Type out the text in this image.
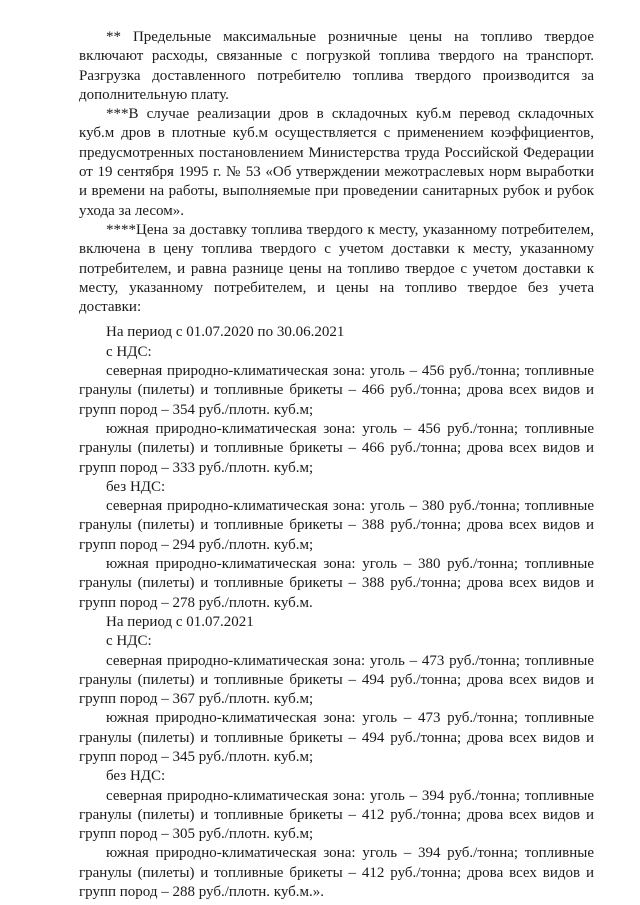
** Предельные максимальные розничные цены на топливо твердое включают расходы, связанные с погрузкой топлива твердого на транспорт. Разгрузка доставленного потребителю топлива твердого производится за дополнительную плату.

***В случае реализации дров в складочных куб.м перевод складочных куб.м дров в плотные куб.м осуществляется с применением коэффициентов, предусмотренных постановлением Министерства труда Российской Федерации от 19 сентября 1995 г. № 53 «Об утверждении межотраслевых норм выработки и времени на работы, выполняемые при проведении санитарных рубок и рубок ухода за лесом».

****Цена за доставку топлива твердого к месту, указанному потребителем, включена в цену топлива твердого с учетом доставки к месту, указанному потребителем, и равна разнице цены на топливо твердое с учетом доставки к месту, указанному потребителем, и цены на топливо твердое без учета доставки:

На период с 01.07.2020 по 30.06.2021

с НДС:

северная природно-климатическая зона: уголь – 456 руб./тонна; топливные гранулы (пилеты) и топливные брикеты – 466 руб./тонна; дрова всех видов и групп пород – 354 руб./плотн. куб.м;

южная природно-климатическая зона: уголь – 456 руб./тонна; топливные гранулы (пилеты) и топливные брикеты – 466 руб./тонна; дрова всех видов и групп пород – 333 руб./плотн. куб.м;

без НДС:

северная природно-климатическая зона: уголь – 380 руб./тонна; топливные гранулы (пилеты) и топливные брикеты – 388 руб./тонна; дрова всех видов и групп пород – 294 руб./плотн. куб.м;

южная природно-климатическая зона: уголь – 380 руб./тонна; топливные гранулы (пилеты) и топливные брикеты – 388 руб./тонна; дрова всех видов и групп пород – 278 руб./плотн. куб.м.

На период с 01.07.2021

с НДС:

северная природно-климатическая зона: уголь – 473 руб./тонна; топливные гранулы (пилеты) и топливные брикеты – 494 руб./тонна; дрова всех видов и групп пород – 367 руб./плотн. куб.м;

южная природно-климатическая зона: уголь – 473 руб./тонна; топливные гранулы (пилеты) и топливные брикеты – 494 руб./тонна; дрова всех видов и групп пород – 345 руб./плотн. куб.м;

без НДС:

северная природно-климатическая зона: уголь – 394 руб./тонна; топливные гранулы (пилеты) и топливные брикеты – 412 руб./тонна; дрова всех видов и групп пород – 305 руб./плотн. куб.м;

южная природно-климатическая зона: уголь – 394 руб./тонна; топливные гранулы (пилеты) и топливные брикеты – 412 руб./тонна; дрова всех видов и групп пород – 288 руб./плотн. куб.м.».
